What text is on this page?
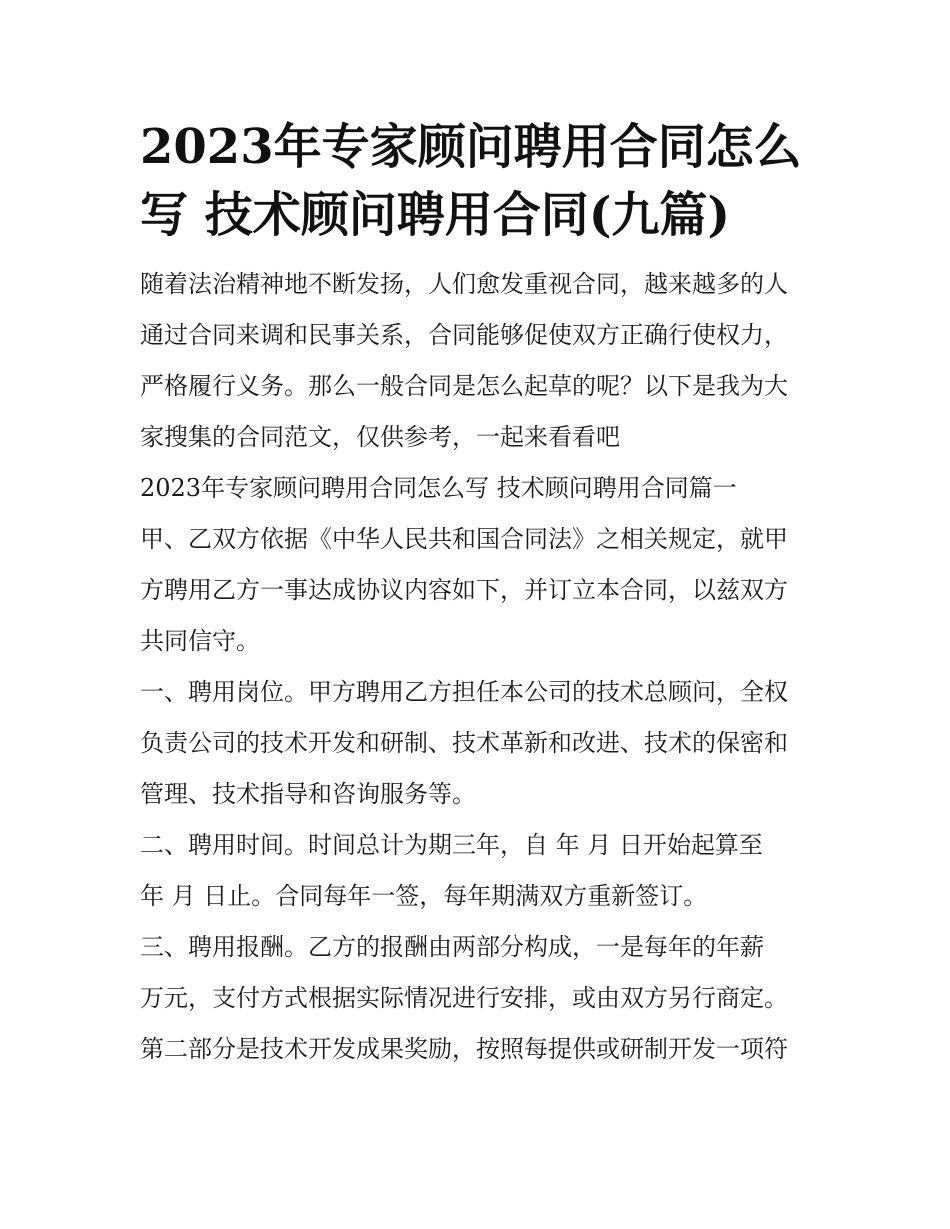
2023年专家顾问聘用合同怎么
写 技术顾问聘用合同(九篇)
随着法治精神地不断发扬，人们愈发重视合同，越来越多的人
通过合同来调和民事关系，合同能够促使双方正确行使权力，
严格履行义务。那么一般合同是怎么起草的呢？以下是我为大
家搜集的合同范文，仅供参考，一起来看看吧
2023年专家顾问聘用合同怎么写 技术顾问聘用合同篇一
甲、乙双方依据《中华人民共和国合同法》之相关规定，就甲
方聘用乙方一事达成协议内容如下，并订立本合同，以兹双方
共同信守。
一、聘用岗位。甲方聘用乙方担任本公司的技术总顾问，全权
负责公司的技术开发和研制、技术革新和改进、技术的保密和
管理、技术指导和咨询服务等。
二、聘用时间。时间总计为期三年，自 年 月 日开始起算至
年 月 日止。合同每年一签，每年期满双方重新签订。
三、聘用报酬。乙方的报酬由两部分构成，一是每年的年薪
万元，支付方式根据实际情况进行安排，或由双方另行商定。
第二部分是技术开发成果奖励，按照每提供或研制开发一项符
